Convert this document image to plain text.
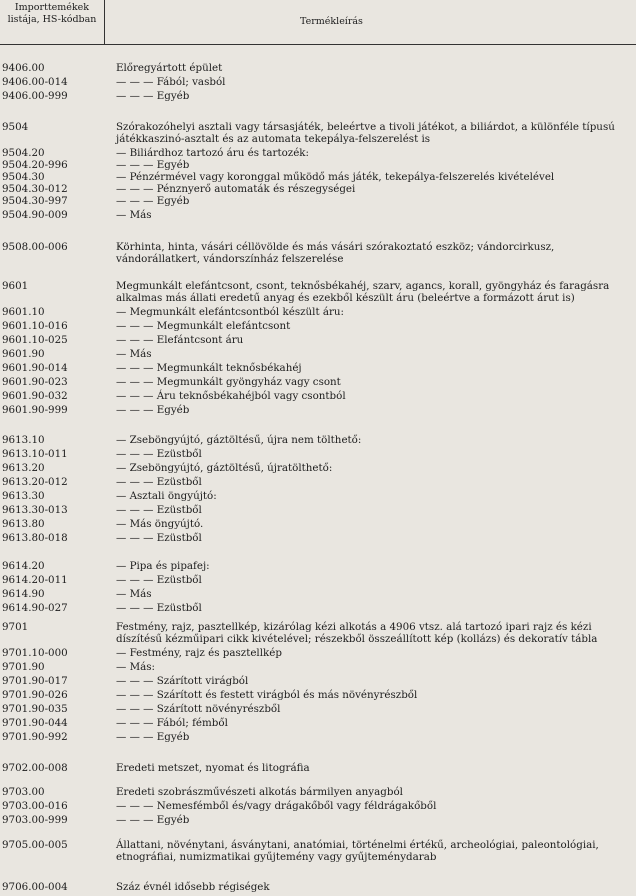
Importtemékek listája, HS-kódban	Termékleírás
9406.00	Előregyártott épület
9406.00-014	— — — Fából; vasból
9406.00-999	— — — Egyéb
9504	Szórakozóhelyi asztali vagy társasjáték, beleértve a tivoli játékot, a biliárdot, a különféle típusú játékkaszinó-asztalt és az automata tekepálya-felszerelést is
9504.20	— Biliárdhoz tartozó áru és tartozék:
9504.20-996	— — — Egyéb
9504.30	— Pénzérmével vagy koronggal működő más játék, tekepálya-felszerelés kivételével
9504.30-012	— — — Pénznyerő automaták és részegységei
9504.30-997	— — — Egyéb
9504.90-009	— Más
9508.00-006	Körhinta, hinta, vásári céllövölde és más vásári szórakoztató eszköz; vándorcirkusz, vándorállatkert, vándorszínház felszerelése
9601	Megmunkált elefántcsont, csont, teknősbékahéj, szarv, agancs, korall, gyöngyház és faragásra alkalmas más állati eredetű anyag és ezekből készült áru (beleértve a formázott árut is)
9601.10	— Megmunkált elefántcsontból készült áru:
9601.10-016	— — — Megmunkált elefántcsont
9601.10-025	— — — Elefántcsont áru
9601.90	— Más
9601.90-014	— — — Megmunkált teknősbékahéj
9601.90-023	— — — Megmunkált gyöngyház vagy csont
9601.90-032	— — — Áru teknősbékahéjból vagy csontból
9601.90-999	— — — Egyéb
9613.10	— Zseböngyújtó, gáztöltésű, újra nem tölthető:
9613.10-011	— — — Ezüstből
9613.20	— Zseböngyújtó, gáztöltésű, újratölthető:
9613.20-012	— — — Ezüstből
9613.30	— Asztali öngyújtó:
9613.30-013	— — — Ezüstből
9613.80	— Más öngyújtó.
9613.80-018	— — — Ezüstből
9614.20	— Pipa és pipafej:
9614.20-011	— — — Ezüstből
9614.90	— Más
9614.90-027	— — — Ezüstből
9701	Festmény, rajz, pasztellkép, kizárólag kézi alkotás a 4906 vtsz. alá tartozó ipari rajz és kézi díszítésű kézműipari cikk kivételével; részekből összeállított kép (kollázs) és dekoratív tábla
9701.10-000	— Festmény, rajz és pasztellkép
9701.90	— Más:
9701.90-017	— — — Szárított virágból
9701.90-026	— — — Szárított és festett virágból és más növényrészből
9701.90-035	— — — Szárított növényrészből
9701.90-044	— — — Fából; fémből
9701.90-992	— — — Egyéb
9702.00-008	Eredeti metszet, nyomat és litográfia
9703.00	Eredeti szobrászművészeti alkotás bármilyen anyagból
9703.00-016	— — — Nemesfémből és/vagy drágakőből vagy féldrágakőből
9703.00-999	— — — Egyéb
9705.00-005	Állattani, növénytani, ásványtani, anatómiai, történelmi értékű, archeológiai, paleontológiai, etnográfiai, numizmatikai gyűjtemény vagy gyűjteménydarab
9706.00-004	Száz évnél idősebb régiségek
